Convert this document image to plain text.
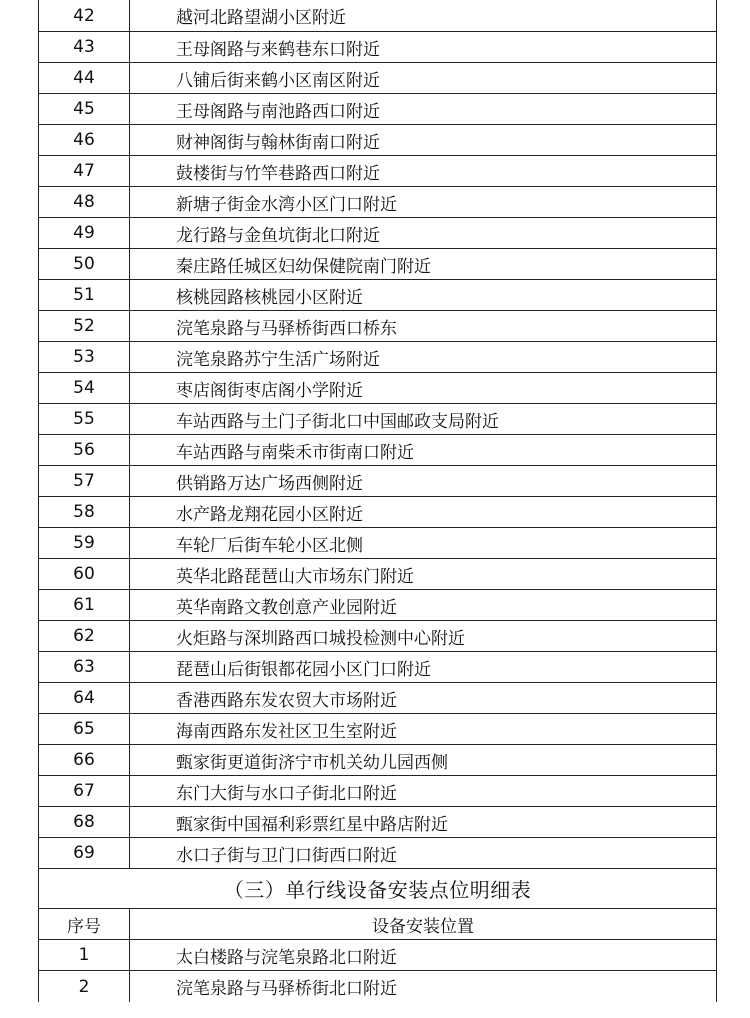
42	越河北路望湖小区附近
43	王母阁路与来鹤巷东口附近
44	八铺后街来鹤小区南区附近
45	王母阁路与南池路西口附近
46	财神阁街与翰林街南口附近
47	鼓楼街与竹竿巷路西口附近
48	新塘子街金水湾小区门口附近
49	龙行路与金鱼坑街北口附近
50	秦庄路任城区妇幼保健院南门附近
51	核桃园路核桃园小区附近
52	浣笔泉路与马驿桥街西口桥东
53	浣笔泉路苏宁生活广场附近
54	枣店阁街枣店阁小学附近
55	车站西路与土门子街北口中国邮政支局附近
56	车站西路与南柴禾市街南口附近
57	供销路万达广场西侧附近
58	水产路龙翔花园小区附近
59	车轮厂后街车轮小区北侧
60	英华北路琵琶山大市场东门附近
61	英华南路文教创意产业园附近
62	火炬路与深圳路西口城投检测中心附近
63	琵琶山后街银都花园小区门口附近
64	香港西路东发农贸大市场附近
65	海南西路东发社区卫生室附近
66	甄家街更道街济宁市机关幼儿园西侧
67	东门大街与水口子街北口附近
68	甄家街中国福利彩票红星中路店附近
69	水口子街与卫门口街西口附近
（三）单行线设备安装点位明细表
序号	设备安装位置
1	太白楼路与浣笔泉路北口附近
2	浣笔泉路与马驿桥街北口附近
